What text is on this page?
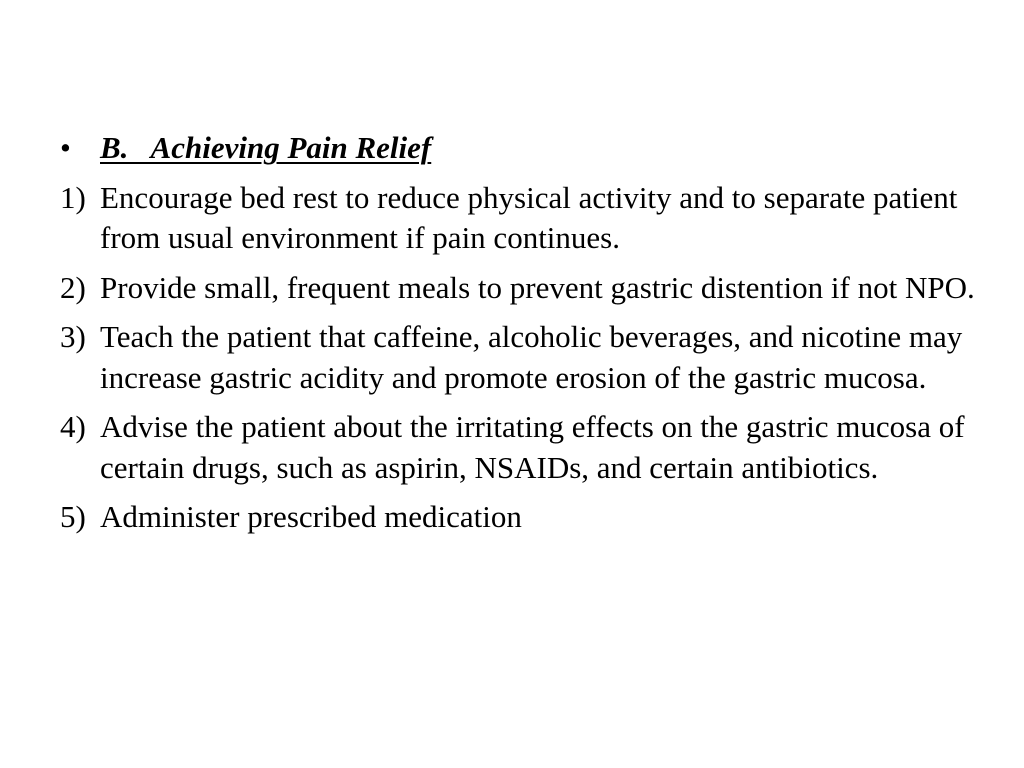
• B.   Achieving Pain Relief
1) Encourage bed rest to reduce physical activity and to separate patient from usual environment if pain continues.
2) Provide small, frequent meals to prevent gastric distention if not NPO.
3) Teach the patient that caffeine, alcoholic beverages, and nicotine may increase gastric acidity and promote erosion of the gastric mucosa.
4) Advise the patient about the irritating effects on the gastric mucosa of certain drugs, such as aspirin, NSAIDs, and certain antibiotics.
5) Administer prescribed medication
